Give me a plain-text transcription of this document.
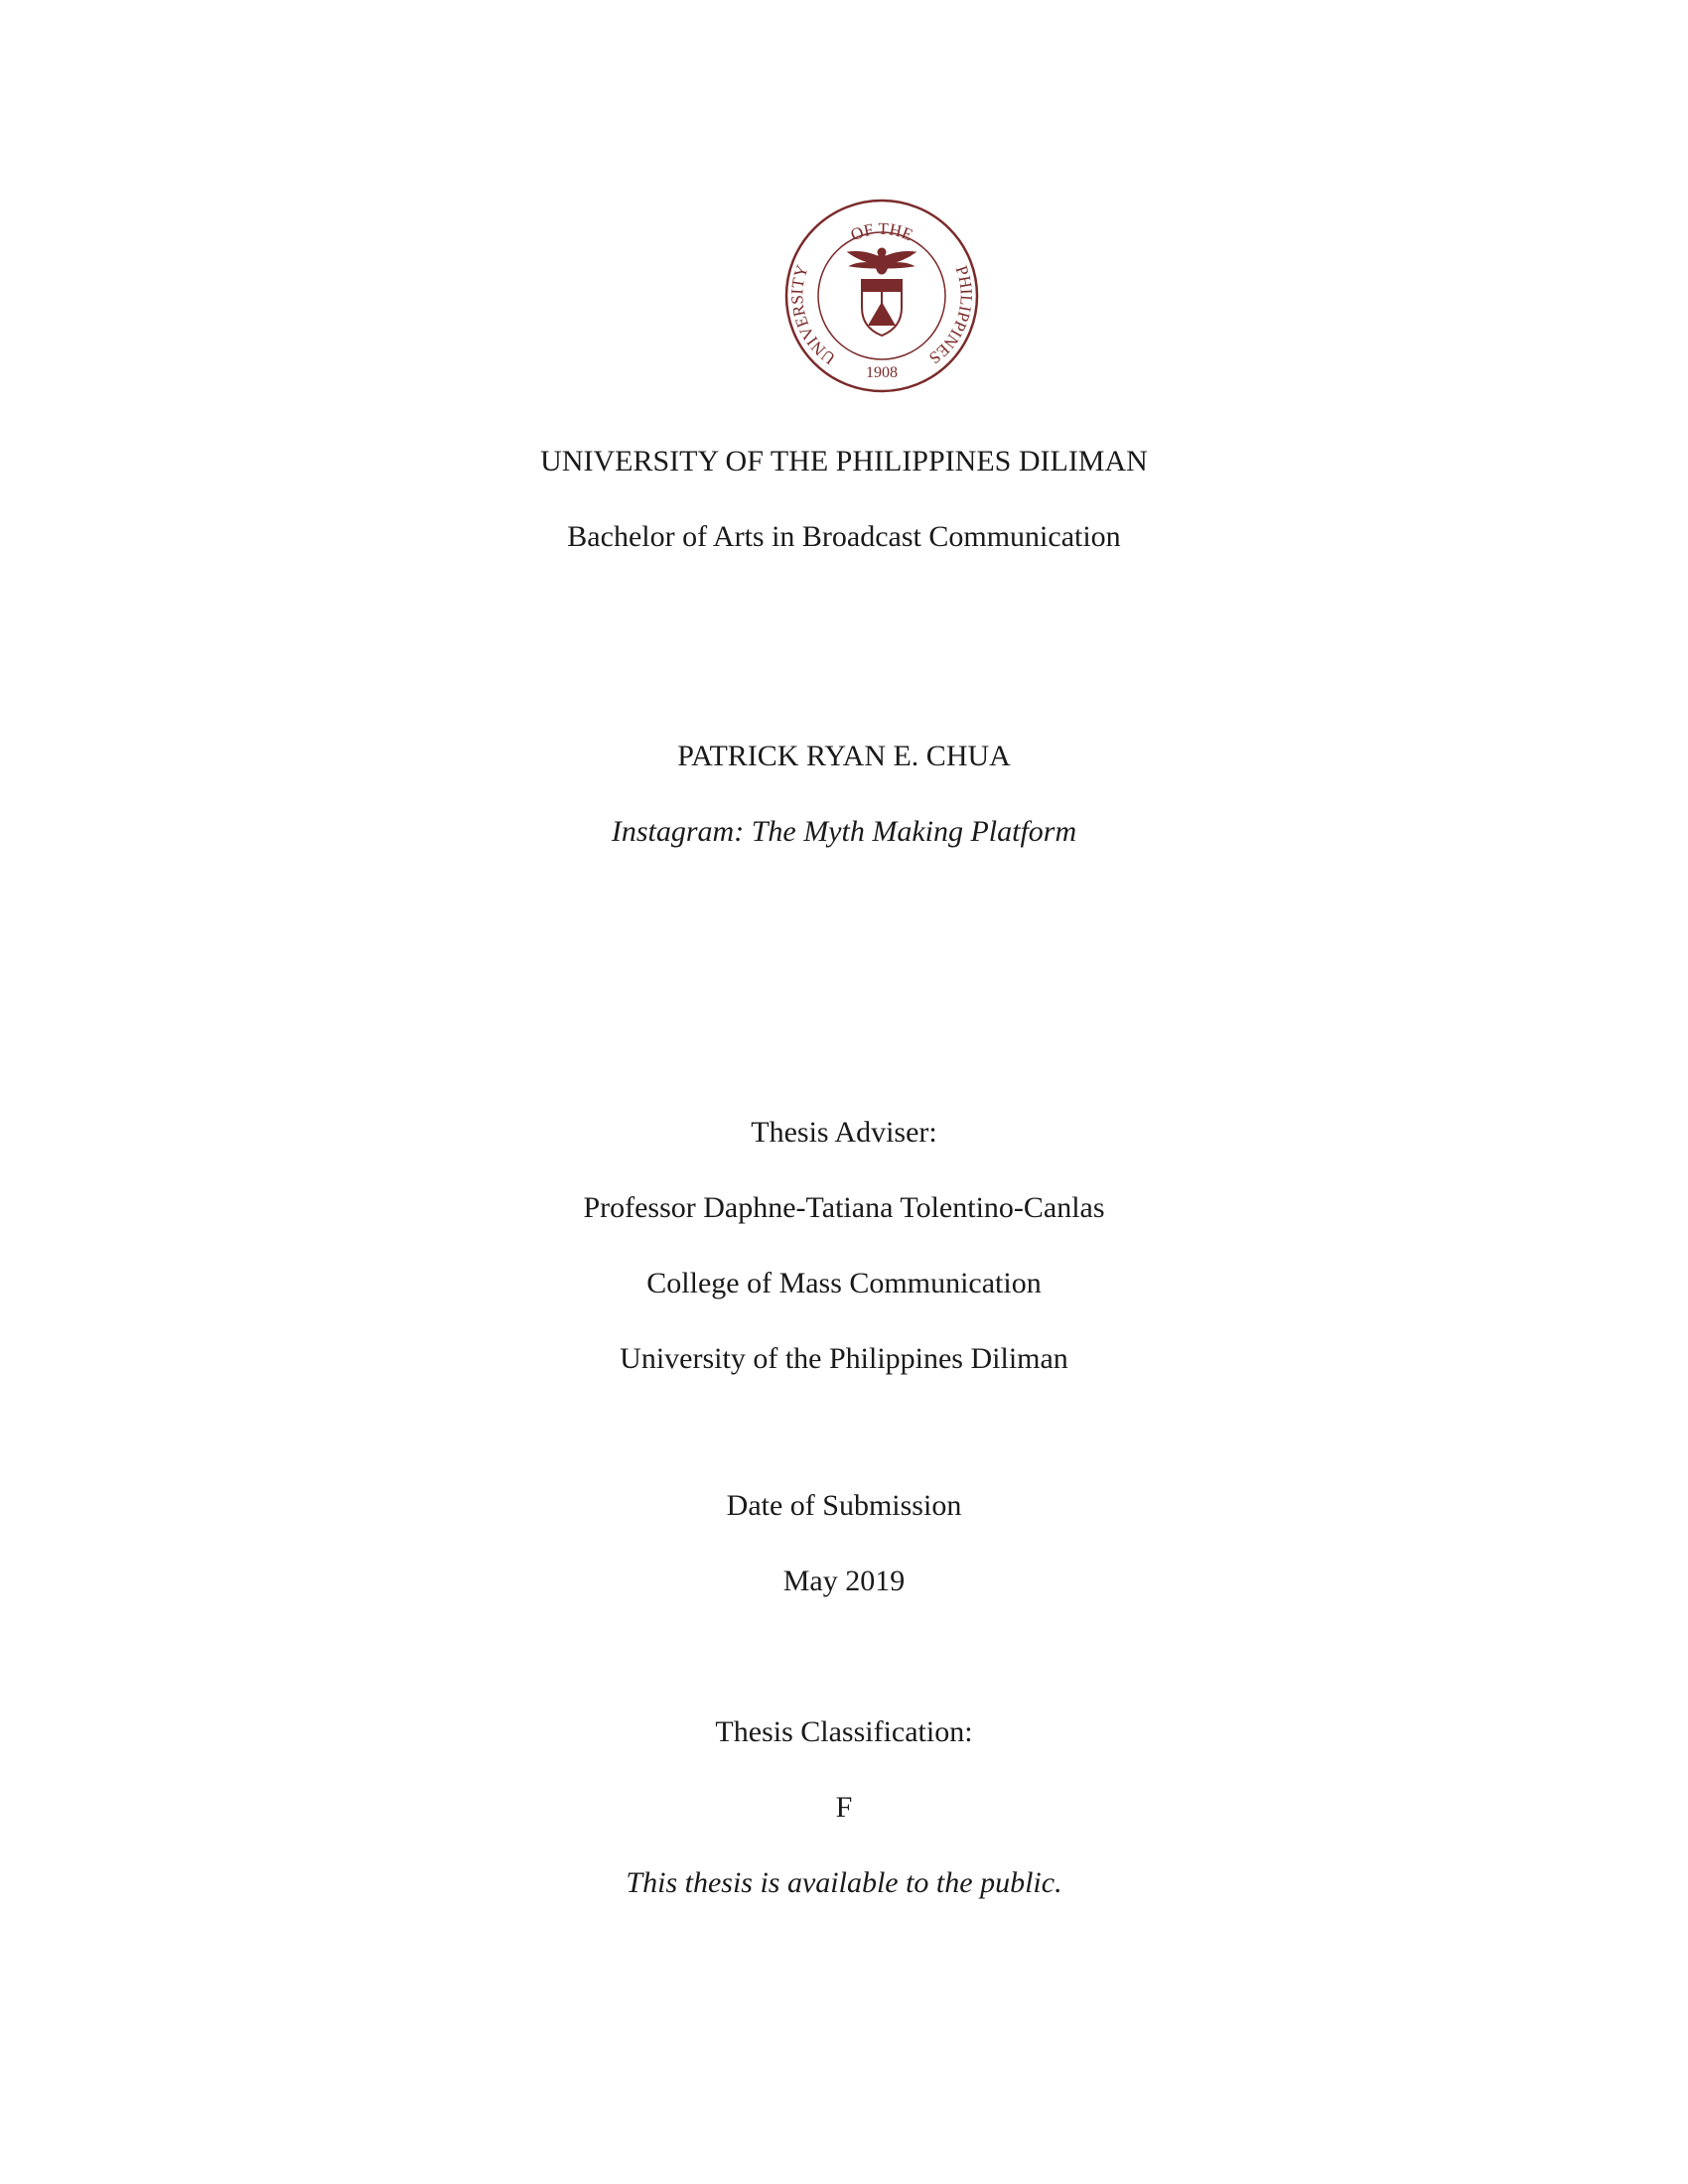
OF THE
UNIVERSITY	PHILIPPINES
1908
UNIVERSITY OF THE PHILIPPINES DILIMAN
Bachelor of Arts in Broadcast Communication
PATRICK RYAN E. CHUA
Instagram: The Myth Making Platform
Thesis Adviser:
Professor Daphne-Tatiana Tolentino-Canlas
College of Mass Communication
University of the Philippines Diliman
Date of Submission
May 2019
Thesis Classification:
F
This thesis is available to the public.
